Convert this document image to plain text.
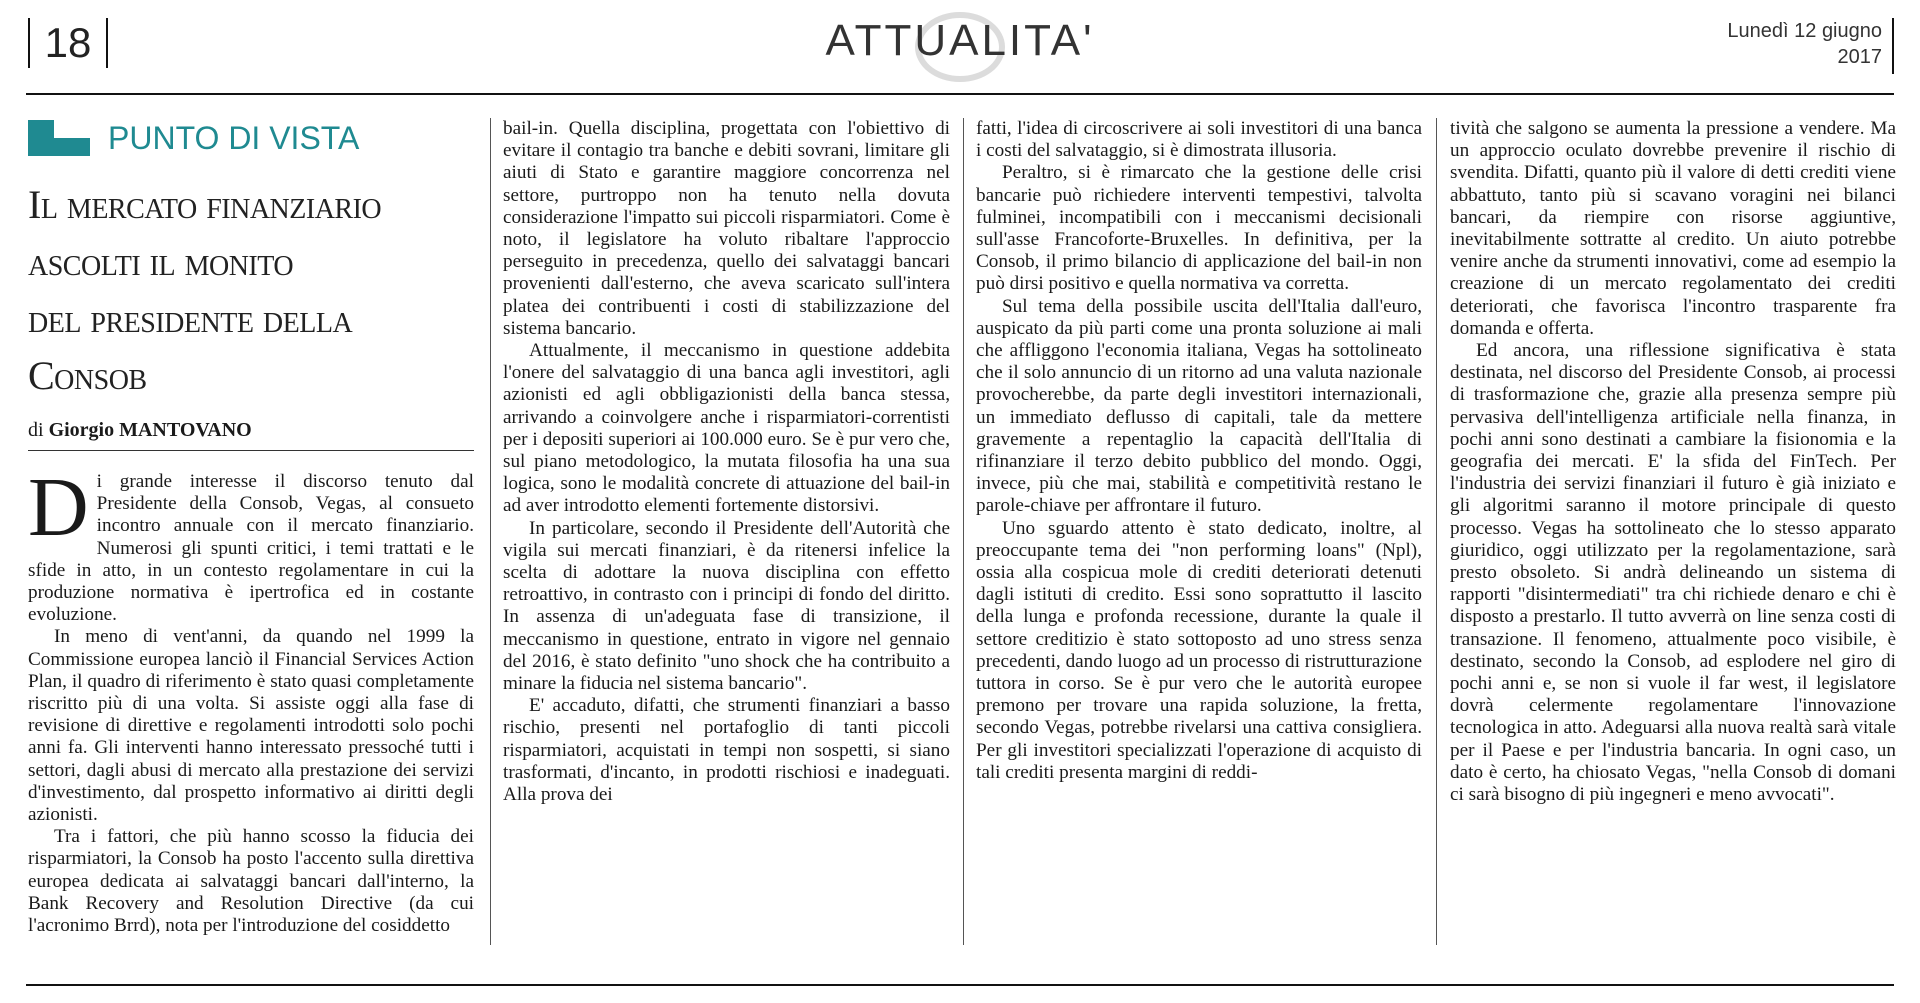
18	ATTUALITA'	Lunedì 12 giugno
2017
PUNTO DI VISTA
Il mercato finanziario
ascolti il monito
del presidente della Consob
di Giorgio MANTOVANO

Di grande interesse il discorso tenuto dal Presidente della Consob, Vegas, al consueto incontro annuale con il mercato finanziario. Numerosi gli spunti critici, i temi trattati e le sfide in atto, in un contesto regolamentare in cui la produzione normativa è ipertrofica ed in costante evoluzione.

In meno di vent'anni, da quando nel 1999 la Commissione europea lanciò il Financial Services Action Plan, il quadro di riferimento è stato quasi completamente riscritto più di una volta. Si assiste oggi alla fase di revisione di direttive e regolamenti introdotti solo pochi anni fa. Gli interventi hanno interessato pressoché tutti i settori, dagli abusi di mercato alla prestazione dei servizi d'investimento, dal prospetto informativo ai diritti degli azionisti.

Tra i fattori, che più hanno scosso la fiducia dei risparmiatori, la Consob ha posto l'accento sulla direttiva europea dedicata ai salvataggi bancari dall'interno, la Bank Recovery and Resolution Directive (da cui l'acronimo Brrd), nota per l'introduzione del cosiddetto

bail-in. Quella disciplina, progettata con l'obiettivo di evitare il contagio tra banche e debiti sovrani, limitare gli aiuti di Stato e garantire maggiore concorrenza nel settore, purtroppo non ha tenuto nella dovuta considerazione l'impatto sui piccoli risparmiatori. Come è noto, il legislatore ha voluto ribaltare l'approccio perseguito in precedenza, quello dei salvataggi bancari provenienti dall'esterno, che aveva scaricato sull'intera platea dei contribuenti i costi di stabilizzazione del sistema bancario.

Attualmente, il meccanismo in questione addebita l'onere del salvataggio di una banca agli investitori, agli azionisti ed agli obbligazionisti della banca stessa, arrivando a coinvolgere anche i risparmiatori-correntisti per i depositi superiori ai 100.000 euro. Se è pur vero che, sul piano metodologico, la mutata filosofia ha una sua logica, sono le modalità concrete di attuazione del bail-in ad aver introdotto elementi fortemente distorsivi.

In particolare, secondo il Presidente dell'Autorità che vigila sui mercati finanziari, è da ritenersi infelice la scelta di adottare la nuova disciplina con effetto retroattivo, in contrasto con i principi di fondo del diritto. In assenza di un'adeguata fase di transizione, il meccanismo in questione, entrato in vigore nel gennaio del 2016, è stato definito "uno shock che ha contribuito a minare la fiducia nel sistema bancario".

E' accaduto, difatti, che strumenti finanziari a basso rischio, presenti nel portafoglio di tanti piccoli risparmiatori, acquistati in tempi non sospetti, si siano trasformati, d'incanto, in prodotti rischiosi e inadeguati. Alla prova dei

fatti, l'idea di circoscrivere ai soli investitori di una banca i costi del salvataggio, si è dimostrata illusoria.

Peraltro, si è rimarcato che la gestione delle crisi bancarie può richiedere interventi tempestivi, talvolta fulminei, incompatibili con i meccanismi decisionali sull'asse Francoforte-Bruxelles. In definitiva, per la Consob, il primo bilancio di applicazione del bail-in non può dirsi positivo e quella normativa va corretta.

Sul tema della possibile uscita dell'Italia dall'euro, auspicato da più parti come una pronta soluzione ai mali che affliggono l'economia italiana, Vegas ha sottolineato che il solo annuncio di un ritorno ad una valuta nazionale provocherebbe, da parte degli investitori internazionali, un immediato deflusso di capitali, tale da mettere gravemente a repentaglio la capacità dell'Italia di rifinanziare il terzo debito pubblico del mondo. Oggi, invece, più che mai, stabilità e competitività restano le parole-chiave per affrontare il futuro.

Uno sguardo attento è stato dedicato, inoltre, al preoccupante tema dei "non performing loans" (Npl), ossia alla cospicua mole di crediti deteriorati detenuti dagli istituti di credito. Essi sono soprattutto il lascito della lunga e profonda recessione, durante la quale il settore creditizio è stato sottoposto ad uno stress senza precedenti, dando luogo ad un processo di ristrutturazione tuttora in corso. Se è pur vero che le autorità europee premono per trovare una rapida soluzione, la fretta, secondo Vegas, potrebbe rivelarsi una cattiva consigliera. Per gli investitori specializzati l'operazione di acquisto di tali crediti presenta margini di reddi-

tività che salgono se aumenta la pressione a vendere. Ma un approccio oculato dovrebbe prevenire il rischio di svendita. Difatti, quanto più il valore di detti crediti viene abbattuto, tanto più si scavano voragini nei bilanci bancari, da riempire con risorse aggiuntive, inevitabilmente sottratte al credito. Un aiuto potrebbe venire anche da strumenti innovativi, come ad esempio la creazione di un mercato regolamentato dei crediti deteriorati, che favorisca l'incontro trasparente fra domanda e offerta.

Ed ancora, una riflessione significativa è stata destinata, nel discorso del Presidente Consob, ai processi di trasformazione che, grazie alla presenza sempre più pervasiva dell'intelligenza artificiale nella finanza, in pochi anni sono destinati a cambiare la fisionomia e la geografia dei mercati. E' la sfida del FinTech. Per l'industria dei servizi finanziari il futuro è già iniziato e gli algoritmi saranno il motore principale di questo processo. Vegas ha sottolineato che lo stesso apparato giuridico, oggi utilizzato per la regolamentazione, sarà presto obsoleto. Si andrà delineando un sistema di rapporti "disintermediati" tra chi richiede denaro e chi è disposto a prestarlo. Il tutto avverrà on line senza costi di transazione. Il fenomeno, attualmente poco visibile, è destinato, secondo la Consob, ad esplodere nel giro di pochi anni e, se non si vuole il far west, il legislatore dovrà celermente regolamentare l'innovazione tecnologica in atto. Adeguarsi alla nuova realtà sarà vitale per il Paese e per l'industria bancaria. In ogni caso, un dato è certo, ha chiosato Vegas, "nella Consob di domani ci sarà bisogno di più ingegneri e meno avvocati".
